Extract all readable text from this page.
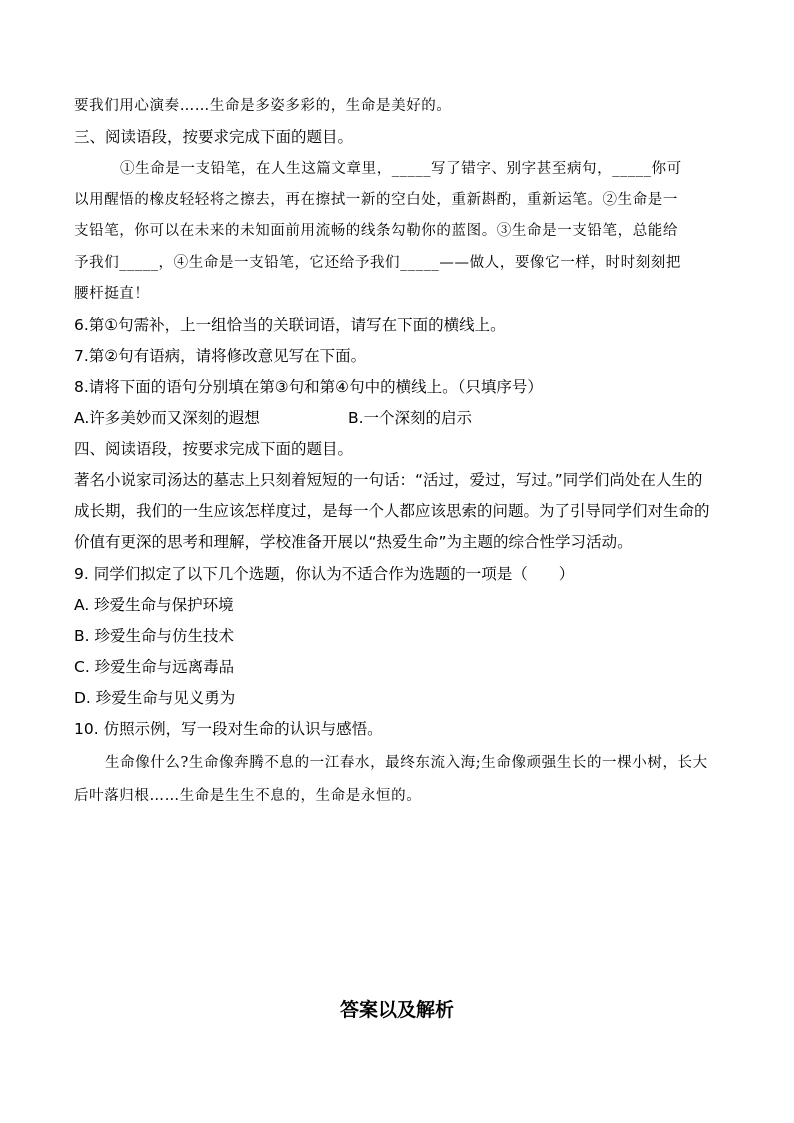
要我们用心演奏……生命是多姿多彩的，生命是美好的。
三、阅读语段，按要求完成下面的题目。
①生命是一支铅笔，在人生这篇文章里，_____写了错字、别字甚至病句，_____你可
以用醒悟的橡皮轻轻将之擦去，再在擦拭一新的空白处，重新斟酌，重新运笔。②生命是一
支铅笔，你可以在未来的未知面前用流畅的线条勾勒你的蓝图。③生命是一支铅笔，总能给
予我们_____，④生命是一支铅笔，它还给予我们_____——做人，要像它一样，时时刻刻把
腰杆挺直！
6.第①句需补，上一组恰当的关联词语，请写在下面的横线上。
7.第②句有语病，请将修改意见写在下面。
8.请将下面的语句分别填在第③句和第④句中的横线上。（只填序号）
A.许多美妙而又深刻的遐想	B.一个深刻的启示
四、阅读语段，按要求完成下面的题目。
著名小说家司汤达的墓志上只刻着短短的一句话：“活过，爱过，写过。”同学们尚处在人生的
成长期，我们的一生应该怎样度过，是每一个人都应该思索的问题。为了引导同学们对生命的
价值有更深的思考和理解，学校准备开展以“热爱生命”为主题的综合性学习活动。
9. 同学们拟定了以下几个选题，你认为不适合作为选题的一项是（　　）
A. 珍爱生命与保护环境
B. 珍爱生命与仿生技术
C. 珍爱生命与远离毒品
D. 珍爱生命与见义勇为
10. 仿照示例，写一段对生命的认识与感悟。
生命像什么?生命像奔腾不息的一江春水，最终东流入海;生命像顽强生长的一棵小树，长大
后叶落归根……生命是生生不息的，生命是永恒的。
答案以及解析
